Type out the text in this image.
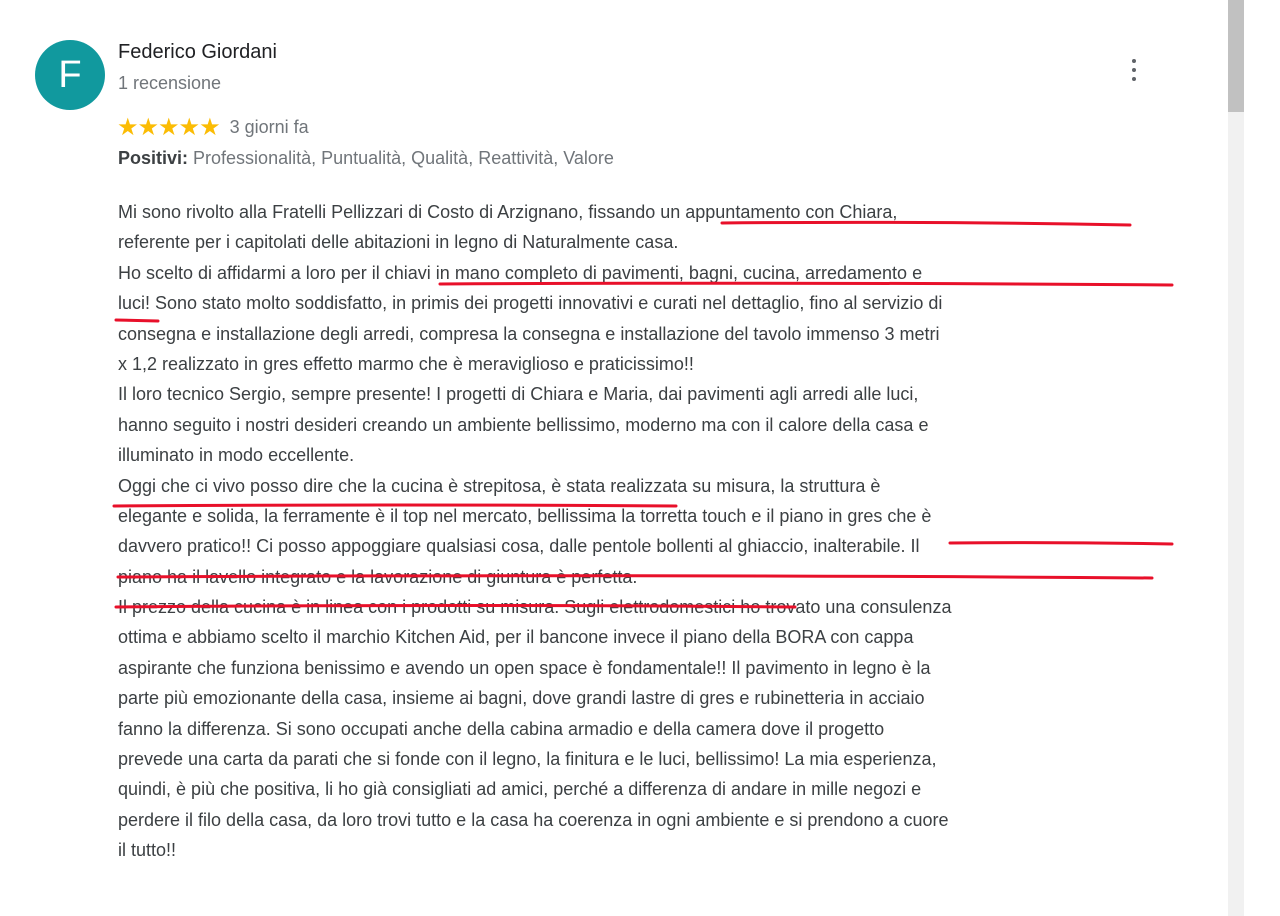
F
Federico Giordani
1 recensione
★★★★★ 3 giorni fa
Positivi: Professionalità, Puntualità, Qualità, Reattività, Valore
Mi sono rivolto alla Fratelli Pellizzari di Costo di Arzignano, fissando un appuntamento con Chiara,
referente per i capitolati delle abitazioni in legno di Naturalmente casa.
Ho scelto di affidarmi a loro per il chiavi in mano completo di pavimenti, bagni, cucina, arredamento e
luci! Sono stato molto soddisfatto, in primis dei progetti innovativi e curati nel dettaglio, fino al servizio di
consegna e installazione degli arredi, compresa la consegna e installazione del tavolo immenso 3 metri
x 1,2 realizzato in gres effetto marmo che è meraviglioso e praticissimo!!
Il loro tecnico Sergio, sempre presente! I progetti di Chiara e Maria, dai pavimenti agli arredi alle luci,
hanno seguito i nostri desideri creando un ambiente bellissimo, moderno ma con il calore della casa e
illuminato in modo eccellente.
Oggi che ci vivo posso dire che la cucina è strepitosa, è stata realizzata su misura, la struttura è
elegante e solida, la ferramente è il top nel mercato, bellissima la torretta touch e il piano in gres che è
davvero pratico!! Ci posso appoggiare qualsiasi cosa, dalle pentole bollenti al ghiaccio, inalterabile. Il
piano ha il lavello integrato e la lavorazione di giuntura è perfetta.
Il prezzo della cucina è in linea con i prodotti su misura. Sugli elettrodomestici ho trovato una consulenza
ottima e abbiamo scelto il marchio Kitchen Aid, per il bancone invece il piano della BORA con cappa
aspirante che funziona benissimo e avendo un open space è fondamentale!! Il pavimento in legno è la
parte più emozionante della casa, insieme ai bagni, dove grandi lastre di gres e rubinetteria in acciaio
fanno la differenza. Si sono occupati anche della cabina armadio e della camera dove il progetto
prevede una carta da parati che si fonde con il legno, la finitura e le luci, bellissimo! La mia esperienza,
quindi, è più che positiva, li ho già consigliati ad amici, perché a differenza di andare in mille negozi e
perdere il filo della casa, da loro trovi tutto e la casa ha coerenza in ogni ambiente e si prendono a cuore
il tutto!!
